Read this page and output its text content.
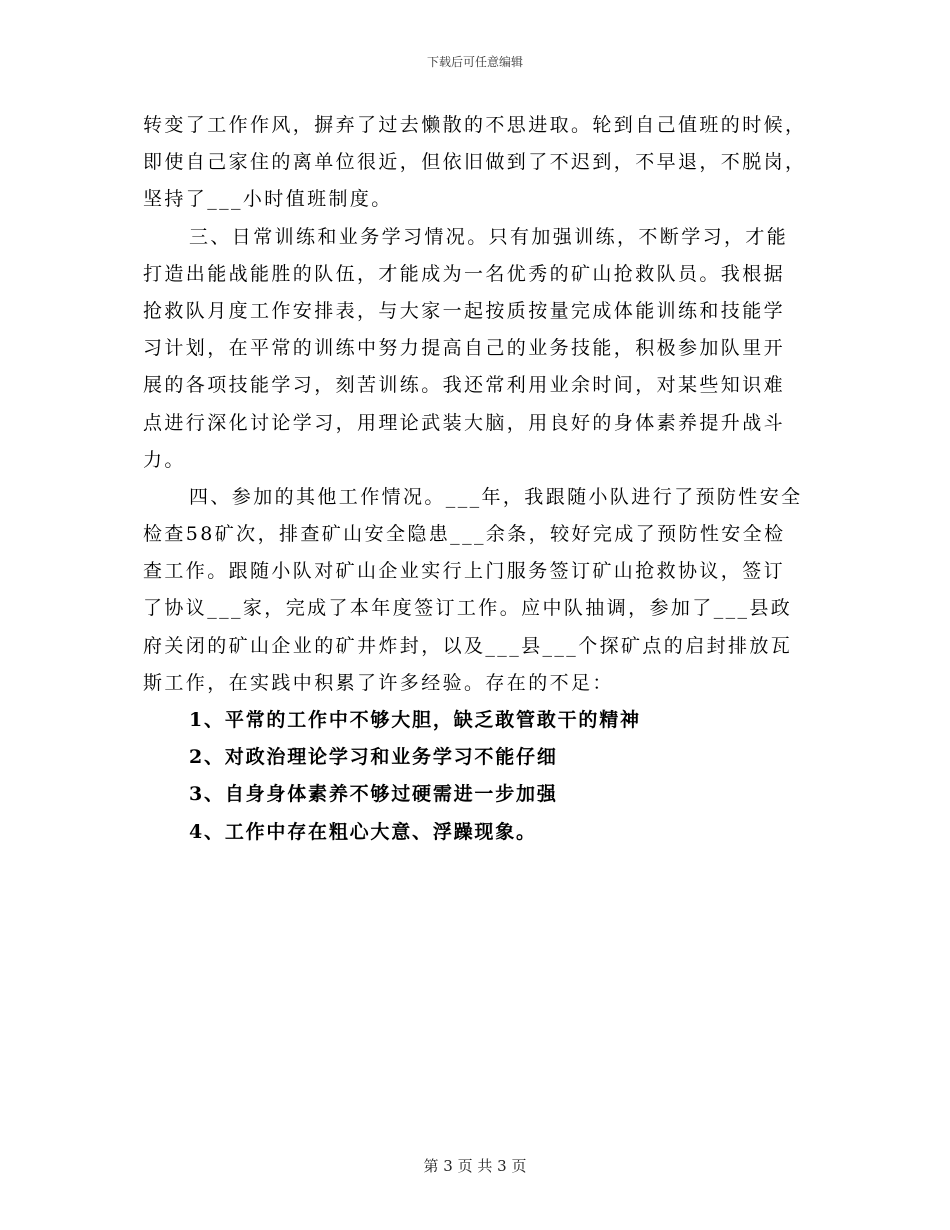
下载后可任意编辑
转变了工作作风，摒弃了过去懒散的不思进取。轮到自己值班的时候，
即使自己家住的离单位很近，但依旧做到了不迟到，不早退，不脱岗，
坚持了___小时值班制度。
三、日常训练和业务学习情况。只有加强训练，不断学习，才能
打造出能战能胜的队伍，才能成为一名优秀的矿山抢救队员。我根据
抢救队月度工作安排表，与大家一起按质按量完成体能训练和技能学
习计划，在平常的训练中努力提高自己的业务技能，积极参加队里开
展的各项技能学习，刻苦训练。我还常利用业余时间，对某些知识难
点进行深化讨论学习，用理论武装大脑，用良好的身体素养提升战斗
力。
四、参加的其他工作情况。___年，我跟随小队进行了预防性安全
检查58矿次，排查矿山安全隐患___余条，较好完成了预防性安全检
查工作。跟随小队对矿山企业实行上门服务签订矿山抢救协议，签订
了协议___家，完成了本年度签订工作。应中队抽调，参加了___县政
府关闭的矿山企业的矿井炸封，以及___县___个探矿点的启封排放瓦
斯工作，在实践中积累了许多经验。存在的不足：
1、平常的工作中不够大胆，缺乏敢管敢干的精神
2、对政治理论学习和业务学习不能仔细
3、自身身体素养不够过硬需进一步加强
4、工作中存在粗心大意、浮躁现象。
第 3 页 共 3 页
